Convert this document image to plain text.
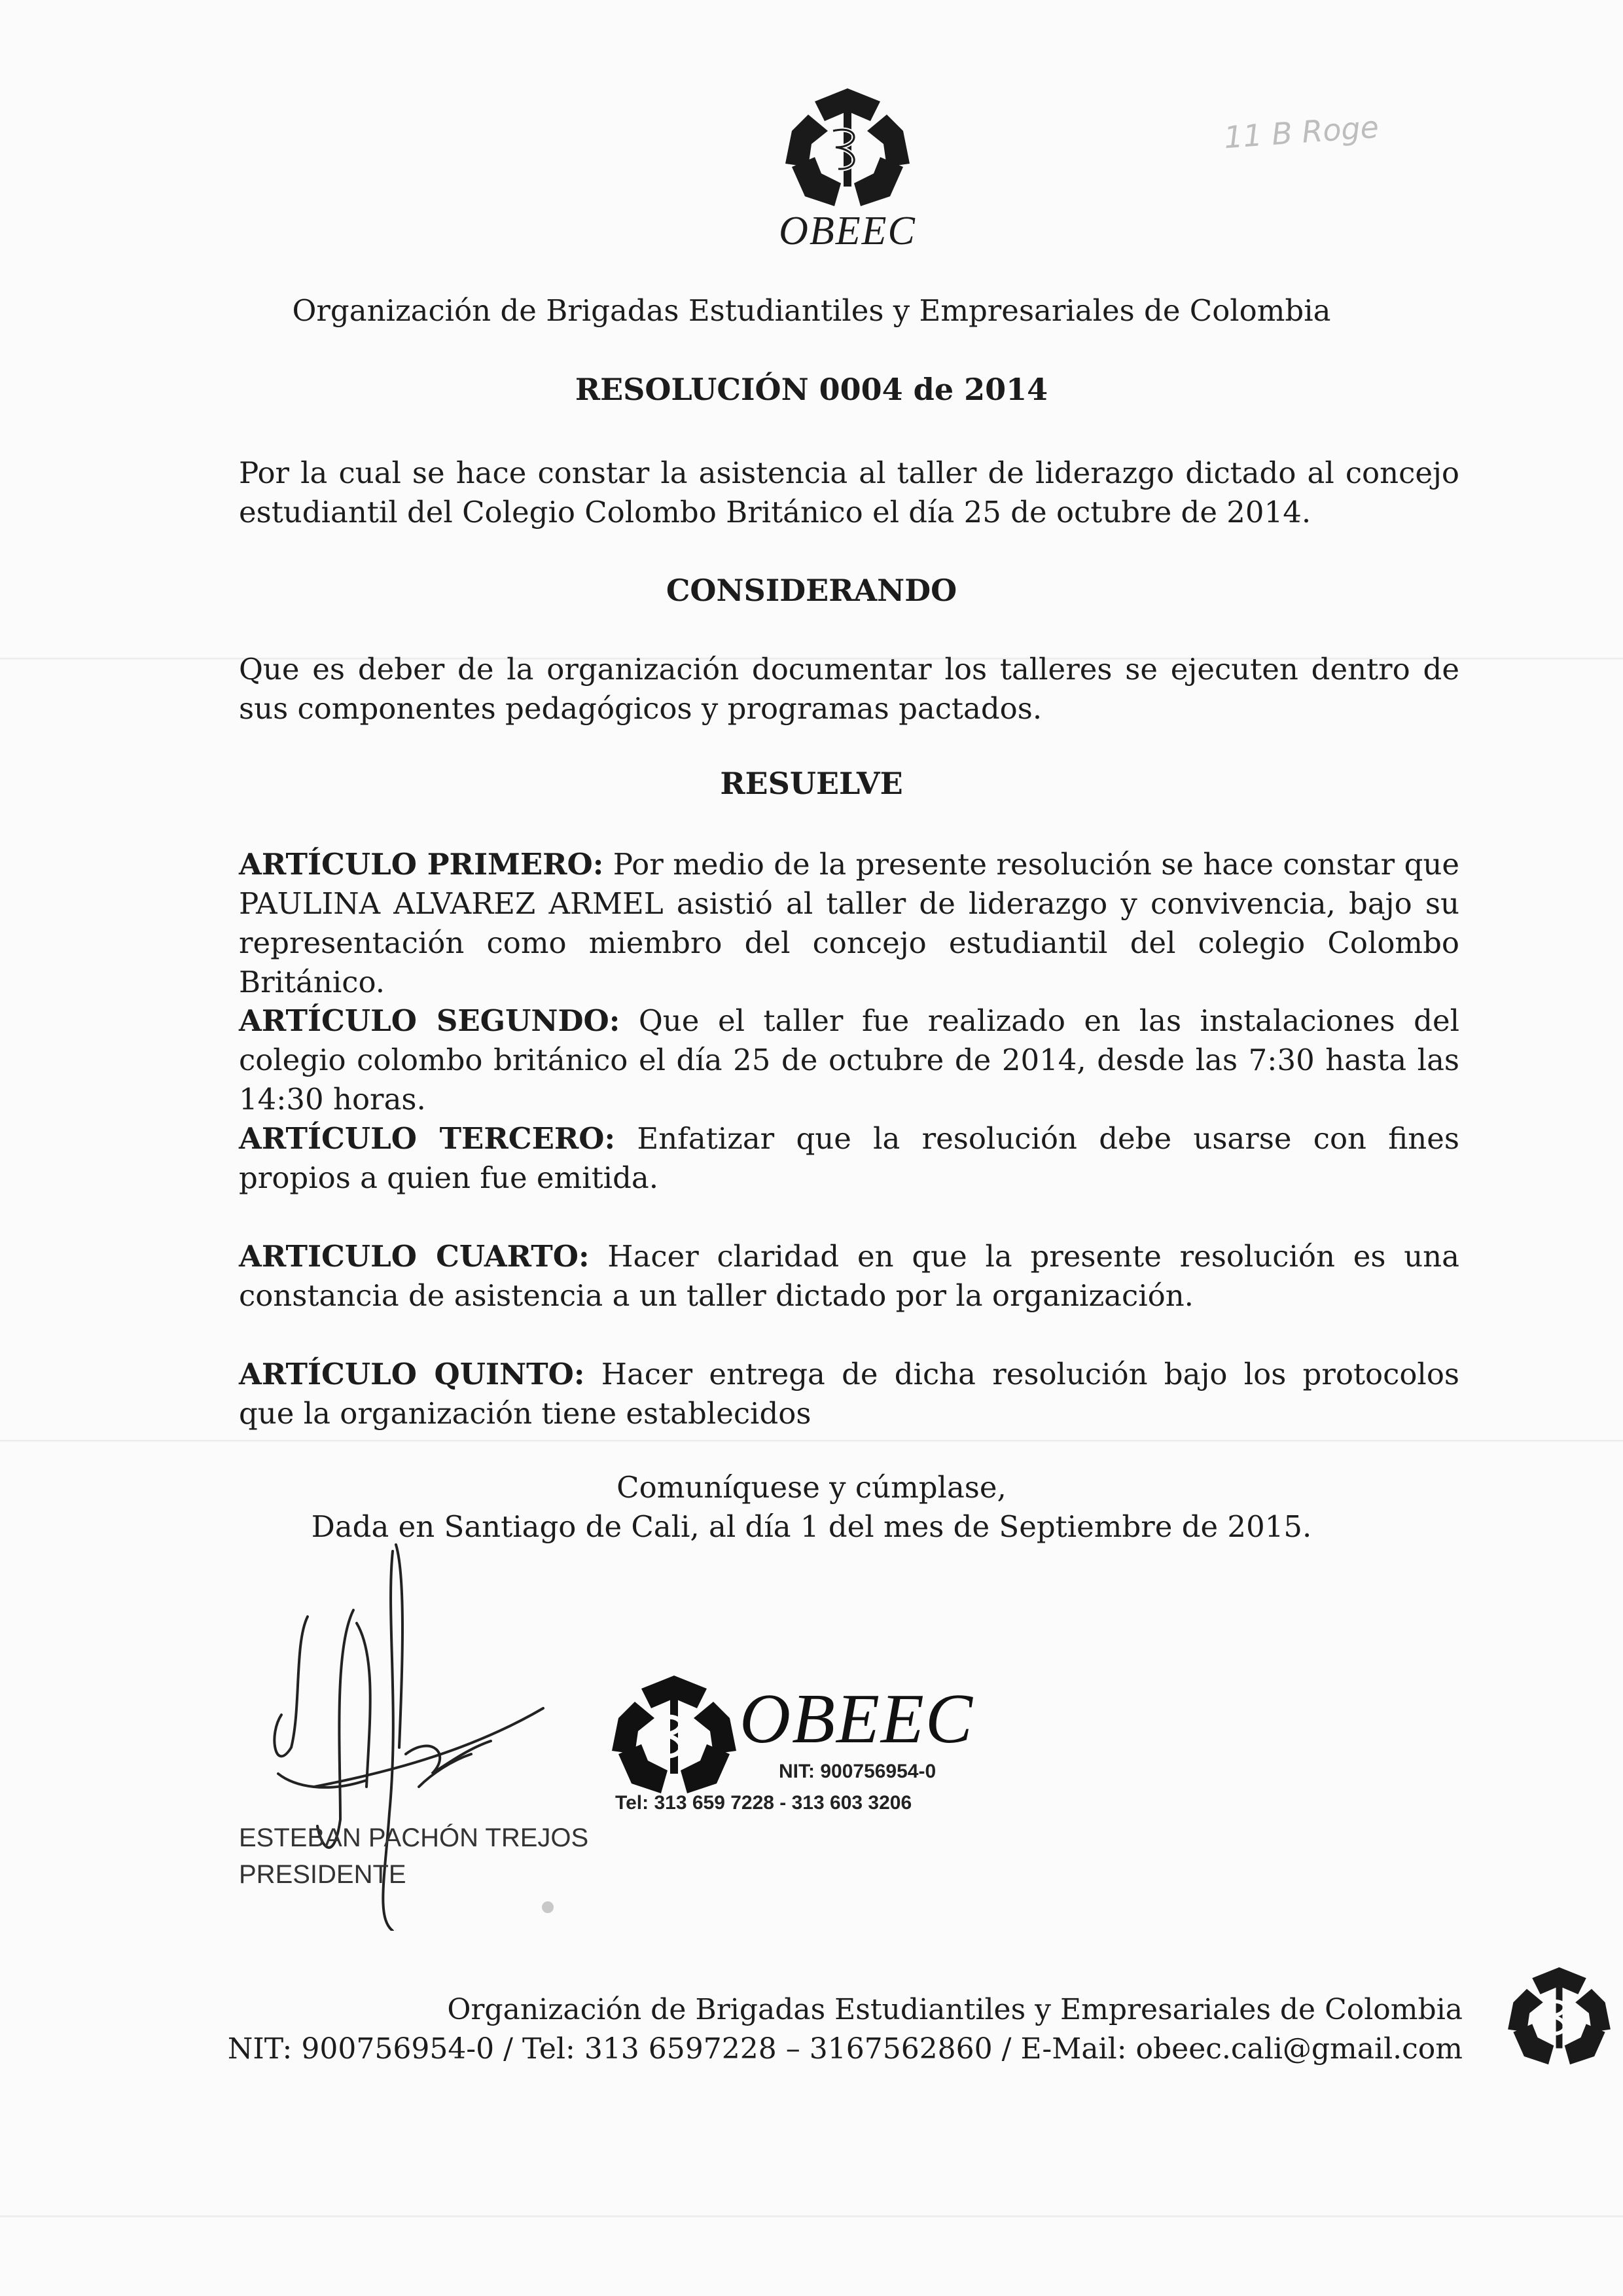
OBEEC
11 B Roge
Organización de Brigadas Estudiantiles y Empresariales de Colombia
RESOLUCIÓN 0004 de 2014

Por la cual se hace constar la asistencia al taller de liderazgo dictado al concejo estudiantil del Colegio Colombo Británico el día 25 de octubre de 2014.

CONSIDERANDO

Que es deber de la organización documentar los talleres se ejecuten dentro de sus componentes pedagógicos y programas pactados.

RESUELVE

ARTÍCULO PRIMERO: Por medio de la presente resolución se hace constar que PAULINA ALVAREZ ARMEL asistió al taller de liderazgo y convivencia, bajo su representación como miembro del concejo estudiantil del colegio Colombo Británico.

ARTÍCULO SEGUNDO: Que el taller fue realizado en las instalaciones del colegio colombo británico el día 25 de octubre de 2014, desde las 7:30 hasta las 14:30 horas.

ARTÍCULO TERCERO: Enfatizar que la resolución debe usarse con fines propios a quien fue emitida.

ARTICULO CUARTO: Hacer claridad en que la presente resolución es una constancia de asistencia a un taller dictado por la organización.

ARTÍCULO QUINTO: Hacer entrega de dicha resolución bajo los protocolos que la organización tiene establecidos

Comuníquese y cúmplase,
Dada en Santiago de Cali, al día 1 del mes de Septiembre de 2015.
ESTEBAN PACHÓN TREJOS
PRESIDENTE
OBEEC
NIT: 900756954-0
Tel: 313 659 7228 - 313 603 3206
Organización de Brigadas Estudiantiles y Empresariales de Colombia
NIT: 900756954-0 / Tel: 313 6597228 – 3167562860 / E-Mail: obeec.cali@gmail.com
